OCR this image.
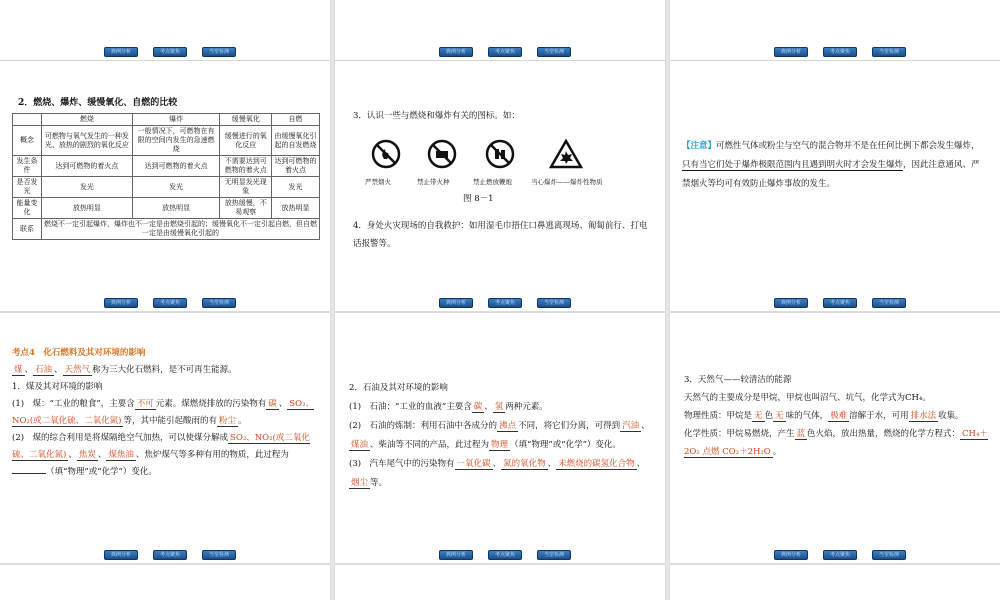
典例分析	考点聚焦	当堂检测	典例分析	考点聚焦	当堂检测	典例分析	考点聚焦	当堂检测
2．燃烧、爆炸、缓慢氧化、自燃的比较
	燃烧	爆炸	缓慢氧化	自燃
概念	可燃物与氧气发生的一种发光、放热的剧烈的氧化反应	一般情况下，可燃物在有限的空间内发生的急速燃烧	缓慢进行的氧化反应	由缓慢氧化引起的自发燃烧
发生条件	达到可燃物的着火点	达到可燃物的着火点	不需要达到可燃物的着火点	达到可燃物的着火点
是否发光	发光	发光	无明显发光现象	发光
能量变化	放热明显	放热明显	放热缓慢，不易观察	放热明显
联系	燃烧不一定引起爆炸，爆炸也不一定是由燃烧引起的；缓慢氧化不一定引起自燃，但自燃一定是由缓慢氧化引起的			
典例分析	考点聚焦	当堂检测
3．认识一些与燃烧和爆炸有关的图标。如：
严禁烟火	禁止带火种	禁止燃放鞭炮	当心爆炸——爆炸性物质
图 8－1
4．身处火灾现场的自我救护：如用湿毛巾捂住口鼻逃离现场、匍匐前行、打电话报警等。
典例分析	考点聚焦	当堂检测
【注意】可燃性气体或粉尘与空气的混合物并不是在任何比例下都会发生爆炸，只有当它们处于爆炸极限范围内且遇到明火时才会发生爆炸，因此注意通风、严禁烟火等均可有效防止爆炸事故的发生。
典例分析	考点聚焦	当堂检测
考点4　化石燃料及其对环境的影响
煤 、 石油 、 天然气 称为三大化石燃料，是不可再生能源。
1．煤及其对环境的影响
(1)　煤：“工业的粮食”，主要含 不可 元素。煤燃烧排放的污染物有 碳 、 SO₂、NO₂(或二氧化硫、二氧化氮) 等，其中能引起酸雨的有 粉尘 。
(2)　煤的综合利用是将煤隔绝空气加热，可以使煤分解成 SO₂、NO₂(或二氧化硫、二氧化氮) 、 焦炭 、 煤焦油 、焦炉煤气等多种有用的物质，此过程为（填“物理”或“化学”）变化。
典例分析	考点聚焦	当堂检测
2．石油及其对环境的影响
(1)　石油：“工业的血液”主要含 碳 、 氢 两种元素。
(2)　石油的炼制：利用石油中各成分的 沸点 不同，将它们分离，可得到 汽油 、煤油 、柴油等不同的产品，此过程为 物理 （填“物理”或“化学”）变化。
(3)　汽车尾气中的污染物有 一氧化碳 、 氮的氧化物 、 未燃烧的碳氢化合物 、烟尘 等。
典例分析	考点聚焦	当堂检测
3．天然气——较清洁的能源
天然气的主要成分是甲烷，甲烷也叫沼气、坑气，化学式为CH₄。
物理性质：甲烷是 无 色 无 味的气体， 极难 溶解于水，可用 排水法 收集。
化学性质：甲烷易燃烧，产生 蓝 色火焰，放出热量，燃烧的化学方程式： CH₄＋2O₂ 点燃 CO₂＋2H₂O 。
典例分析	考点聚焦	当堂检测
